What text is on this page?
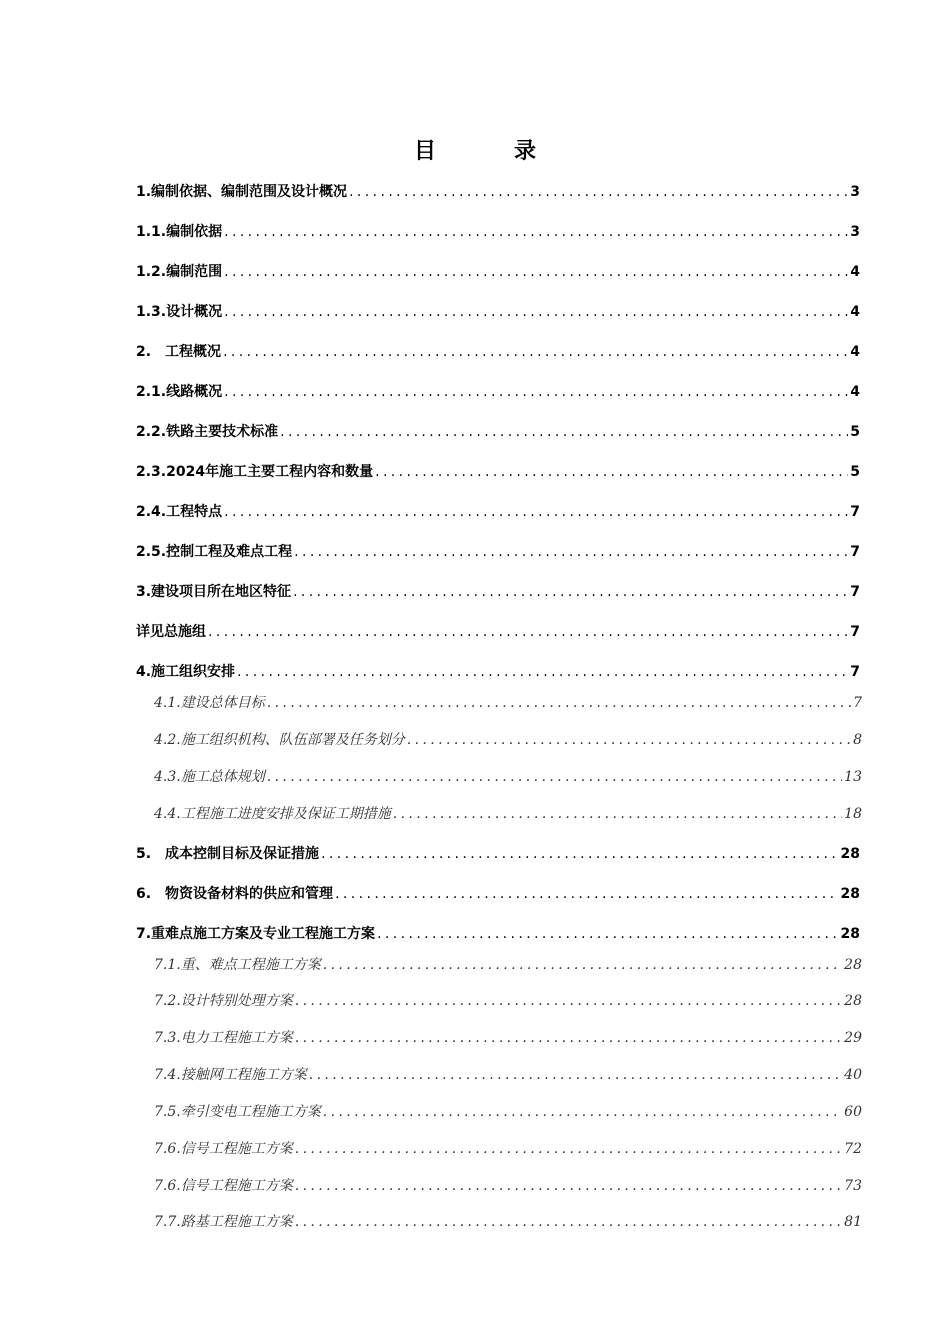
目　录
1.编制依据、编制范围及设计概况 .....	3
1.1.编制依据 .....	3
1.2.编制范围 .....	4
1.3.设计概况 .....	4
2.　工程概况 .....	4
2.1.线路概况 .....	4
2.2.铁路主要技术标准 .....	5
2.3.2024年施工主要工程内容和数量 .....	5
2.4.工程特点 .....	7
2.5.控制工程及难点工程 .....	7
3.建设项目所在地区特征 .....	7
详见总施组 .....	7
4.施工组织安排 .....	7
4.1.建设总体目标 .....	7
4.2.施工组织机构、队伍部署及任务划分 .....	8
4.3.施工总体规划 .....	13
4.4.工程施工进度安排及保证工期措施 .....	18
5.　成本控制目标及保证措施 .....	28
6.　物资设备材料的供应和管理 .....	28
7.重难点施工方案及专业工程施工方案 .....	28
7.1.重、难点工程施工方案 .....	28
7.2.设计特别处理方案 .....	28
7.3.电力工程施工方案 .....	29
7.4.接触网工程施工方案 .....	40
7.5.牵引变电工程施工方案 .....	60
7.6.信号工程施工方案 .....	72
7.6.信号工程施工方案 .....	73
7.7.路基工程施工方案 .....	81
